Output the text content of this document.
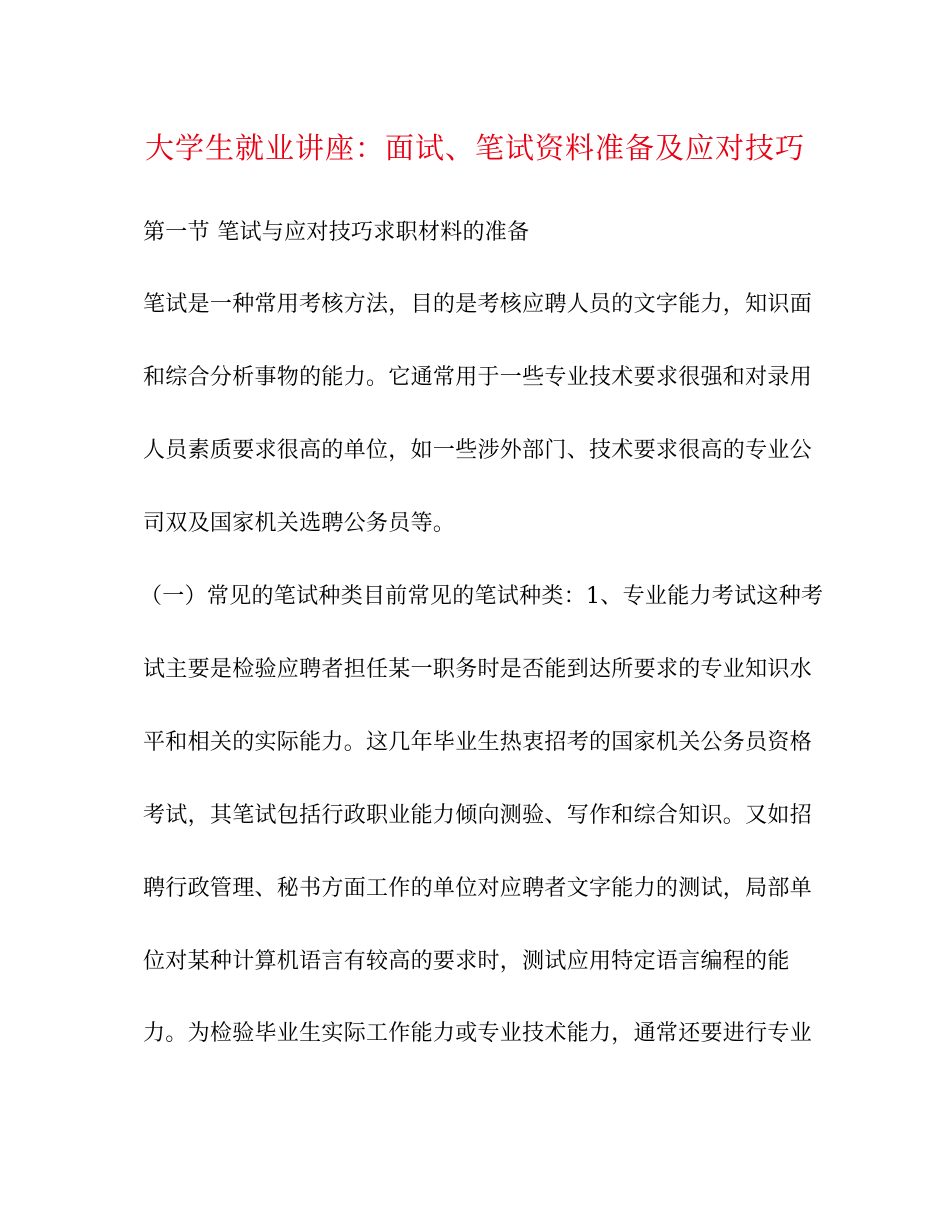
大学生就业讲座：面试、笔试资料准备及应对技巧

第一节 笔试与应对技巧求职材料的准备

笔试是一种常用考核方法，目的是考核应聘人员的文字能力，知识面

和综合分析事物的能力。它通常用于一些专业技术要求很强和对录用

人员素质要求很高的单位，如一些涉外部门、技术要求很高的专业公

司双及国家机关选聘公务员等。

（一）常见的笔试种类目前常见的笔试种类：1、专业能力考试这种考

试主要是检验应聘者担任某一职务时是否能到达所要求的专业知识水

平和相关的实际能力。这几年毕业生热衷招考的国家机关公务员资格

考试，其笔试包括行政职业能力倾向测验、写作和综合知识。又如招

聘行政管理、秘书方面工作的单位对应聘者文字能力的测试，局部单

位对某种计算机语言有较高的要求时，测试应用特定语言编程的能

力。为检验毕业生实际工作能力或专业技术能力，通常还要进行专业
